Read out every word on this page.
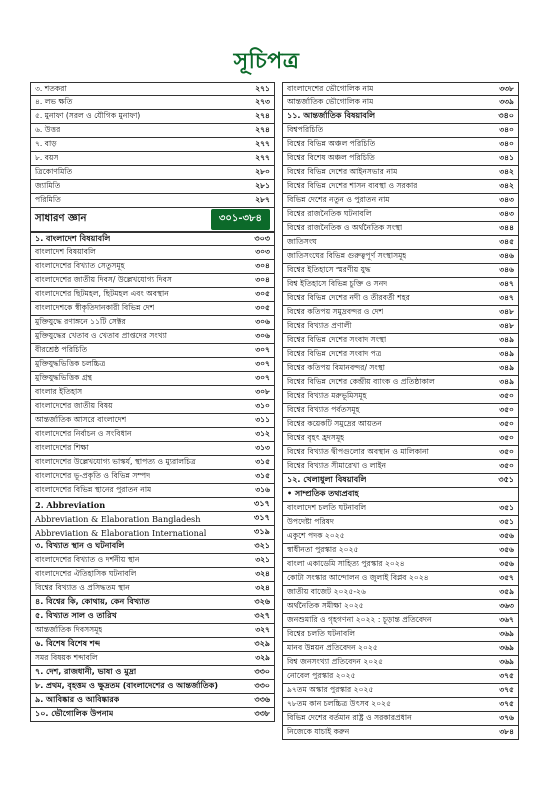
সূচিপত্র
৩. শতকরা	২৭১
৪. লভ ক্ষতি	২৭৩
৫. মুনাফা (সরল ও যৌগিক মুনাফা)	২৭৪
৬. উত্তর	২৭৪
৭. বাড়	২৭৭
৮. বয়স	২৭৭
ত্রিকোণমিতি	২৮০
জ্যামিতি	২৮১
পরিমিতি	২৮৭
সাধারণ জ্ঞান	৩০১-৩৮৪
১. বাংলাদেশ বিষয়াবলি	৩০৩
বাংলাদেশ বিষয়াবলি	৩০৩
বাংলাদেশের বিখ্যাত সেতুসমূহ	৩০৪
বাংলাদেশের জাতীয় দিবস/ উল্লেখযোগ্য দিবস	৩০৪
বাংলাদেশের ছিটমহল, ছিটমহল এবং অবস্থান	৩০৫
বাংলাদেশকে স্বীকৃতিদানকারী বিভিন্ন দেশ	৩০৫
মুক্তিযুদ্ধে রণাঙ্গনে ১১টি সেক্টর	৩০৬
মুক্তিযুদ্ধের খেতাব ও খেতাব প্রাপ্তদের সংখ্যা	৩০৬
বীরশ্রেষ্ঠ পরিচিতি	৩০৭
মুক্তিযুদ্ধভিত্তিক চলচ্চিত্র	৩০৭
মুক্তিযুদ্ধভিত্তিক গ্রন্থ	৩০৭
বাংলার ইতিহাস	৩০৮
বাংলাদেশের জাতীয় বিষয়	৩১০
আন্তর্জাতিক আসরে বাংলাদেশ	৩১১
বাংলাদেশের নির্বাচন ও সংবিধান	৩১২
বাংলাদেশের শিক্ষা	৩১৩
বাংলাদেশের উল্লেখযোগ্য ভাস্কর্য, স্থাপত্য ও ম্যুরালচিত্র	৩১৫
বাংলাদেশের ভূ-প্রকৃতি ও বিভিন্ন সম্পদ	৩১৫
বাংলাদেশের বিভিন্ন স্থানের পুরাতন নাম	৩১৬
2. Abbreviation	৩১৭
Abbreviation & Elaboration Bangladesh	৩১৭
Abbreviation & Elaboration International	৩১৯
৩. বিখ্যাত স্থান ও ঘটনাবলি	৩২১
বাংলাদেশের বিখ্যাত ও দর্শনীয় স্থান	৩২১
বাংলাদেশের ঐতিহাসিক ঘটনাবলি	৩২৪
বিশ্বের বিখ্যাত ও প্রসিদ্ধতম স্থান	৩২৪
৪. বিশ্বের কি, কোথায়, কেন বিখ্যাত	৩২৬
৫. বিখ্যাত সাল ও তারিখ	৩২৭
আন্তর্জাতিক দিবসসমূহ	৩২৭
৬. বিশেষ বিশেষ শব্দ	৩২৯
সমর বিষয়ক শব্দাবলি	৩২৯
৭. দেশ, রাজধানী, ভাষা ও মুদ্রা	৩৩০
৮. প্রথম, বৃহত্তম ও ক্ষুদ্রতম (বাংলাদেশের ও আন্তর্জাতিক)	৩৩০
৯. আবিষ্কার ও আবিষ্কারক	৩৩৬
১০. ভৌগোলিক উপনাম	৩৩৮
বাংলাদেশের ভৌগোলিক নাম	৩৩৮
আন্তর্জাতিক ভৌগোলিক নাম	৩৩৯
১১. আন্তর্জাতিক বিষয়াবলি	৩৪০
বিশ্বপরিচিতি	৩৪০
বিশ্বের বিভিন্ন অঞ্চল পরিচিতি	৩৪০
বিশ্বের বিশেষ অঞ্চল পরিচিতি	৩৪১
বিশ্বের বিভিন্ন দেশের আইনসভার নাম	৩৪২
বিশ্বের বিভিন্ন দেশের শাসন ব্যবস্থা ও সরকার	৩৪২
বিভিন্ন দেশের নতুন ও পুরাতন নাম	৩৪৩
বিশ্বের রাজনৈতিক ঘটনাবলি	৩৪৩
বিশ্বের রাজনৈতিক ও অর্থনৈতিক সংস্থা	৩৪৪
জাতিসংঘ	৩৪৫
জাতিসংঘের বিভিন্ন গুরুত্বপূর্ণ সংস্থাসমূহ	৩৪৬
বিশ্বের ইতিহাসে স্মরণীয় যুদ্ধ	৩৪৬
বিশ্ব ইতিহাসে বিভিন্ন চুক্তি ও সনদ	৩৪৭
বিশ্বের বিভিন্ন দেশের নদী ও তীরবর্তী শহর	৩৪৭
বিশ্বের কতিপয় সমুদ্রবন্দর ও দেশ	৩৪৮
বিশ্বের বিখ্যাত প্রণালী	৩৪৮
বিশ্বের বিভিন্ন দেশের সংবাদ সংস্থা	৩৪৯
বিশ্বের বিভিন্ন দেশের সংবাদ পত্র	৩৪৯
বিশ্বের কতিপয় বিমানবন্দর/ সংস্থা	৩৪৯
বিশ্বের বিভিন্ন দেশের কেন্দ্রীয় ব্যাংক ও প্রতিষ্ঠাকাল	৩৪৯
বিশ্বের বিখ্যাত মরুভূমিসমূহ	৩৫০
বিশ্বের বিখ্যাত পর্বতসমূহ	৩৫০
বিশ্বের কয়েকটি সমুদ্রের আয়তন	৩৫০
বিশ্বের বৃহৎ হ্রদসমূহ	৩৫০
বিশ্বের বিখ্যাত দ্বীপগুলোর অবস্থান ও মালিকানা	৩৫০
বিশ্বের বিখ্যাত সীমারেখা ও লাইন	৩৫০
১২. খেলাধুলা বিষয়াবলি	৩৫১
• সাম্প্রতিক তথ্যপ্রবাহ
বাংলাদেশ চলতি ঘটনাবলি	৩৫১
উপদেষ্টা পরিষদ	৩৫১
একুশে পদক ২০২৫	৩৫৬
স্বাধীনতা পুরস্কার ২০২৫	৩৫৬
বাংলা একাডেমি সাহিত্য পুরস্কার ২০২৪	৩৫৬
কোটা সংস্কার আন্দোলন ও জুলাই বিপ্লব ২০২৪	৩৫৭
জাতীয় বাজেট ২০২৫-২৬	৩৫৯
অর্থনৈতিক সমীক্ষা ২০২৫	৩৬৩
জনশুমারি ও গৃহগণনা ২০২২ : চূড়ান্ত প্রতিবেদন	৩৬৭
বিশ্বের চলতি ঘটনাবলি	৩৬৯
মানব উন্নয়ন প্রতিবেদন ২০২৫	৩৬৯
বিশ্ব জনসংখ্যা প্রতিবেদন ২০২৫	৩৬৯
নোবেল পুরস্কার ২০২৫	৩৭৫
৯৭তম অস্কার পুরস্কার ২০২৫	৩৭৫
৭৮তম কান চলচ্চিত্র উৎসব ২০২৫	৩৭৫
বিভিন্ন দেশের বর্তমান রাষ্ট্র ও সরকারপ্রধান	৩৭৬
নিজেকে যাচাই করুন	৩৮৪
